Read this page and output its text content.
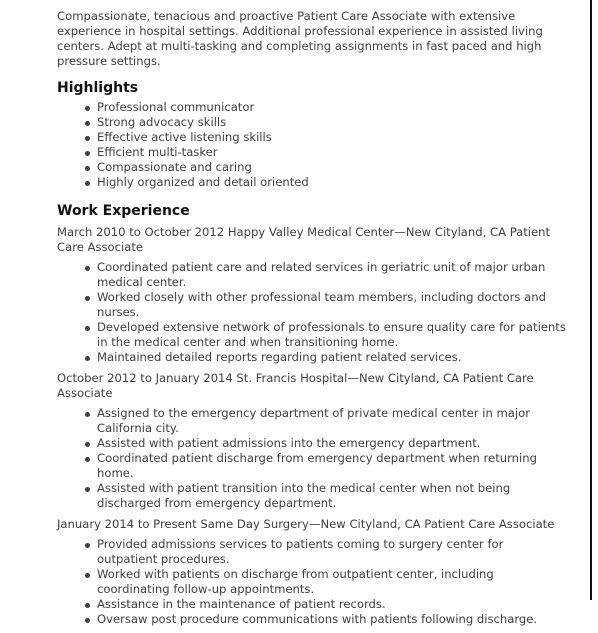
Compassionate, tenacious and proactive Patient Care Associate with extensive experience in hospital settings. Additional professional experience in assisted living centers. Adept at multi-tasking and completing assignments in fast paced and high pressure settings.

Highlights
Professional communicator
Strong advocacy skills
Effective active listening skills
Efficient multi-tasker
Compassionate and caring
Highly organized and detail oriented
Work Experience

March 2010 to October 2012 Happy Valley Medical Center—New Cityland, CA Patient Care Associate

Coordinated patient care and related services in geriatric unit of major urban medical center.
Worked closely with other professional team members, including doctors and nurses.
Developed extensive network of professionals to ensure quality care for patients in the medical center and when transitioning home.
Maintained detailed reports regarding patient related services.

October 2012 to January 2014 St. Francis Hospital—New Cityland, CA Patient Care Associate

Assigned to the emergency department of private medical center in major California city.
Assisted with patient admissions into the emergency department.
Coordinated patient discharge from emergency department when returning home.
Assisted with patient transition into the medical center when not being discharged from emergency department.

January 2014 to Present Same Day Surgery—New Cityland, CA Patient Care Associate

Provided admissions services to patients coming to surgery center for outpatient procedures.
Worked with patients on discharge from outpatient center, including coordinating follow-up appointments.
Assistance in the maintenance of patient records.
Oversaw post procedure communications with patients following discharge.
